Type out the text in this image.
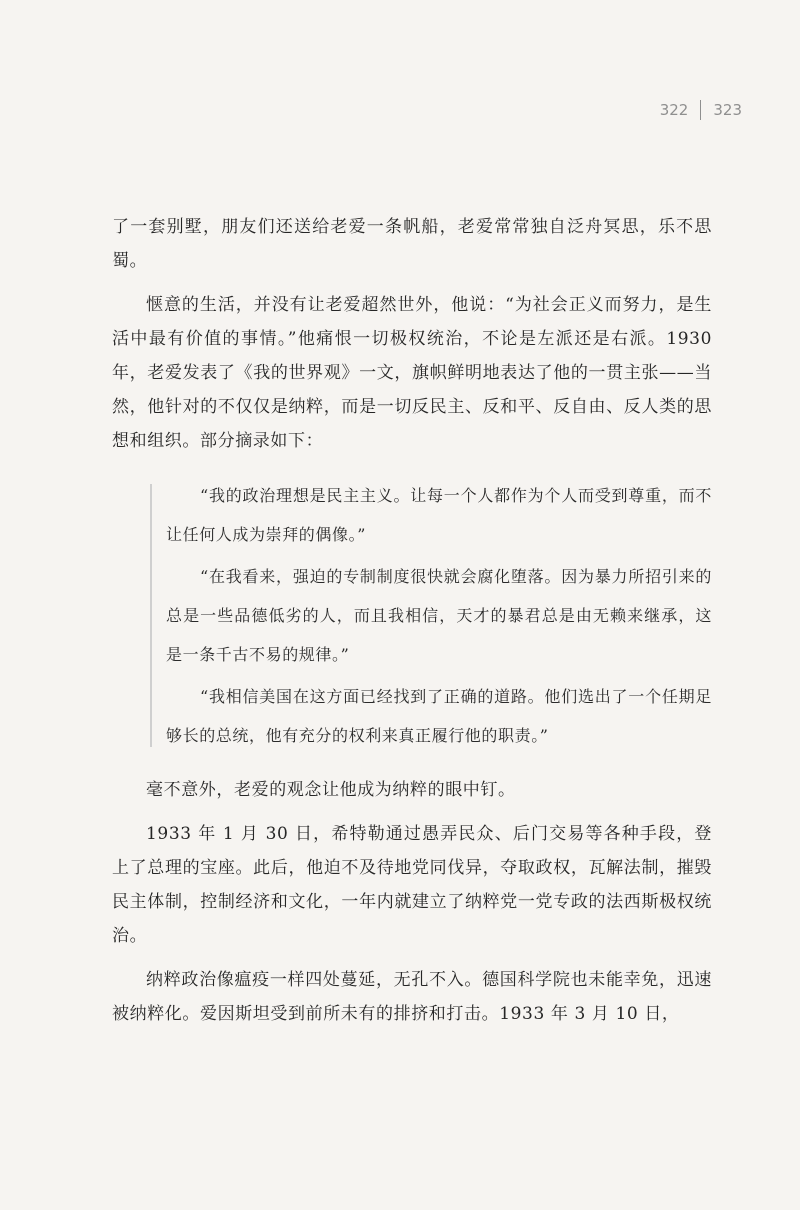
322 323

了一套别墅，朋友们还送给老爱一条帆船，老爱常常独自泛舟冥思，乐不思蜀。

惬意的生活，并没有让老爱超然世外，他说：“为社会正义而努力，是生活中最有价值的事情。”他痛恨一切极权统治，不论是左派还是右派。1930 年，老爱发表了《我的世界观》一文，旗帜鲜明地表达了他的一贯主张——当然，他针对的不仅仅是纳粹，而是一切反民主、反和平、反自由、反人类的思想和组织。部分摘录如下：

“我的政治理想是民主主义。让每一个人都作为个人而受到尊重，而不让任何人成为崇拜的偶像。”

“在我看来，强迫的专制制度很快就会腐化堕落。因为暴力所招引来的总是一些品德低劣的人，而且我相信，天才的暴君总是由无赖来继承，这是一条千古不易的规律。”

“我相信美国在这方面已经找到了正确的道路。他们选出了一个任期足够长的总统，他有充分的权利来真正履行他的职责。”

毫不意外，老爱的观念让他成为纳粹的眼中钉。

1933 年 1 月 30 日，希特勒通过愚弄民众、后门交易等各种手段，登上了总理的宝座。此后，他迫不及待地党同伐异，夺取政权，瓦解法制，摧毁民主体制，控制经济和文化，一年内就建立了纳粹党一党专政的法西斯极权统治。

纳粹政治像瘟疫一样四处蔓延，无孔不入。德国科学院也未能幸免，迅速被纳粹化。爱因斯坦受到前所未有的排挤和打击。1933 年 3 月 10 日，
